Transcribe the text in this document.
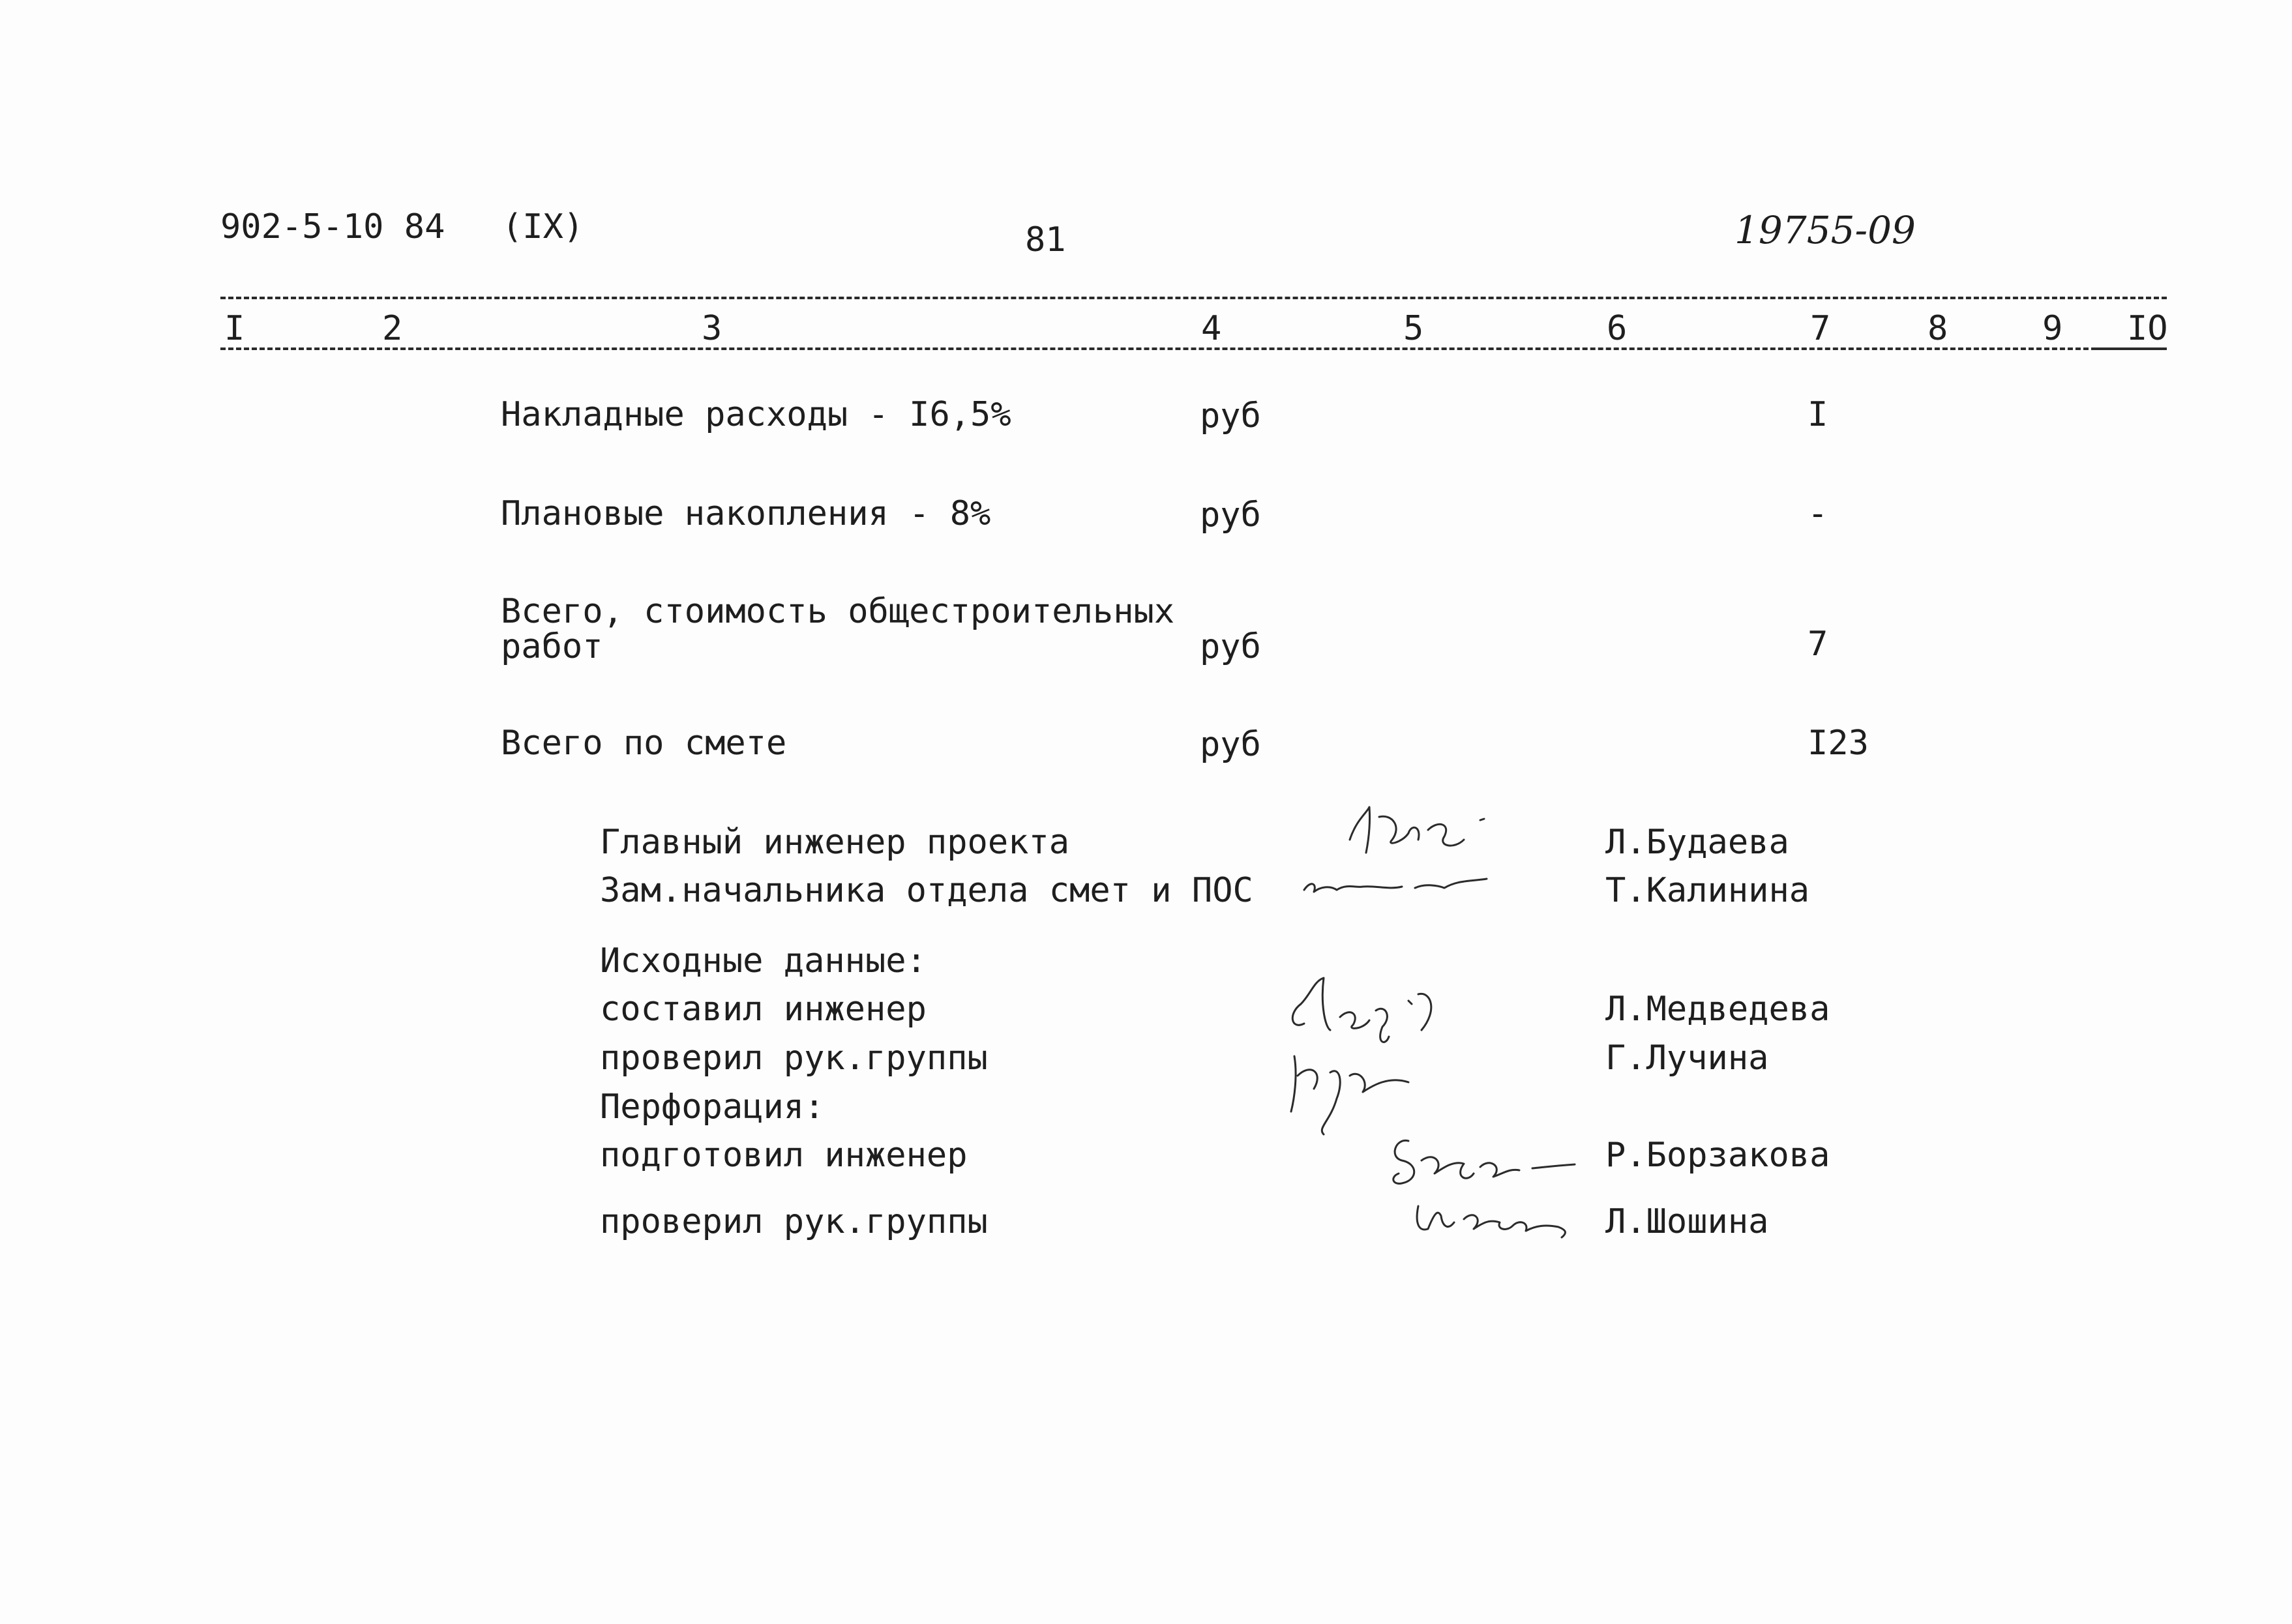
902-5-10 84 (IX)	81	19755-09
I	2	3	4	5	6	7	8	9 IO
Накладные расходы - I6,5%	руб	I
Плановые накопления - 8%	руб	-
Всего, стоимость общестроительных
работ	руб	7
Всего по смете	руб	I23
Главный инженер проекта	Л.Будаева
Зам.начальника отдела смет и ПОС	Т.Калинина
Исходные данные:
составил инженер	Л.Медведева
проверил рук.группы	Г.Лучина
Перфорация:
подготовил инженер	Р.Борзакова
проверил рук.группы	Л.Шошина
